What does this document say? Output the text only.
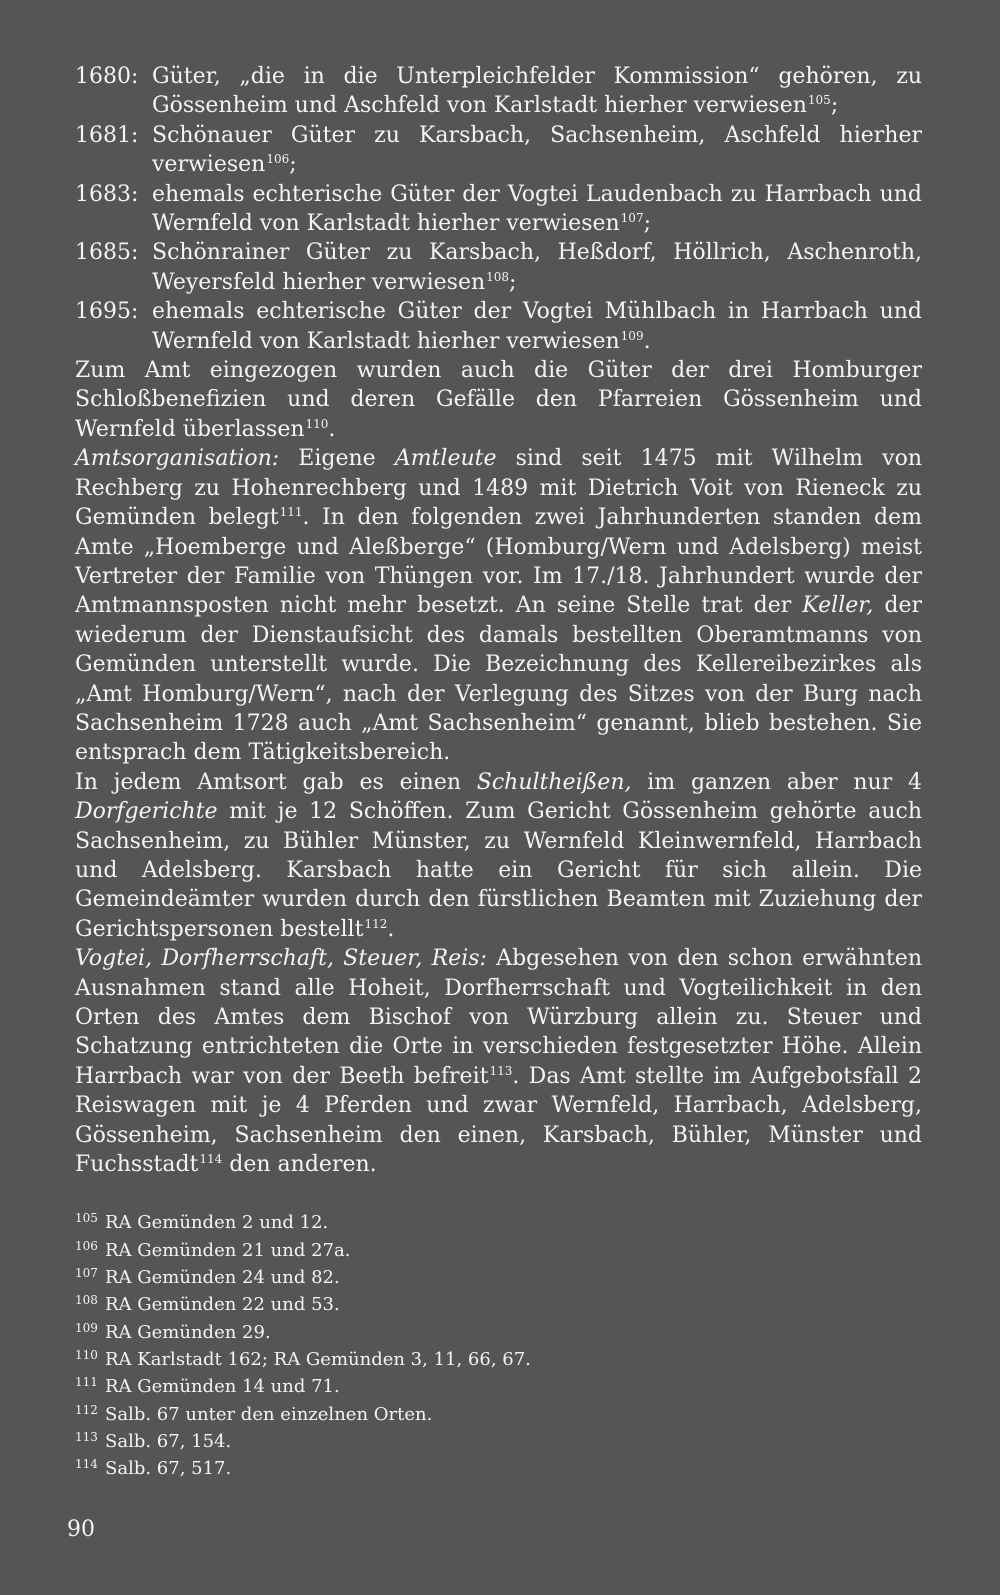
1680: Güter, „die in die Unterpleichfelder Kommission“ gehören, zu Gössenheim und Aschfeld von Karlstadt hierher verwiesen$^{105}$;
1681: Schönauer Güter zu Karsbach, Sachsenheim, Aschfeld hierher verwiesen$^{106}$;
1683: ehemals echterische Güter der Vogtei Laudenbach zu Harrbach und Wernfeld von Karlstadt hierher verwiesen$^{107}$;
1685: Schönrainer Güter zu Karsbach, Heßdorf, Höllrich, Aschenroth, Weyersfeld hierher verwiesen$^{108}$;
1695: ehemals echterische Güter der Vogtei Mühlbach in Harrbach und Wernfeld von Karlstadt hierher verwiesen$^{109}$.

Zum Amt eingezogen wurden auch die Güter der drei Homburger Schloßbenefizien und deren Gefälle den Pfarreien Gössenheim und Wernfeld überlassen$^{110}$.

Amtsorganisation: Eigene Amtleute sind seit 1475 mit Wilhelm von Rechberg zu Hohenrechberg und 1489 mit Dietrich Voit von Rieneck zu Gemünden belegt$^{111}$. In den folgenden zwei Jahrhunderten standen dem Amte „Hoemberge und Aleßberge“ (Homburg/Wern und Adelsberg) meist Vertreter der Familie von Thüngen vor. Im 17./18. Jahrhundert wurde der Amtmannsposten nicht mehr besetzt. An seine Stelle trat der Keller, der wiederum der Dienstaufsicht des damals bestellten Oberamtmanns von Gemünden unterstellt wurde. Die Bezeichnung des Kellereibezirkes als „Amt Homburg/Wern“, nach der Verlegung des Sitzes von der Burg nach Sachsenheim 1728 auch „Amt Sachsenheim“ genannt, blieb bestehen. Sie entsprach dem Tätigkeitsbereich.

In jedem Amtsort gab es einen Schultheißen, im ganzen aber nur 4 Dorfgerichte mit je 12 Schöffen. Zum Gericht Gössenheim gehörte auch Sachsenheim, zu Bühler Münster, zu Wernfeld Kleinwernfeld, Harrbach und Adelsberg. Karsbach hatte ein Gericht für sich allein. Die Gemeindeämter wurden durch den fürstlichen Beamten mit Zuziehung der Gerichtspersonen bestellt$^{112}$.

Vogtei, Dorfherrschaft, Steuer, Reis: Abgesehen von den schon erwähnten Ausnahmen stand alle Hoheit, Dorfherrschaft und Vogteilichkeit in den Orten des Amtes dem Bischof von Würzburg allein zu. Steuer und Schatzung entrichteten die Orte in verschieden festgesetzter Höhe. Allein Harrbach war von der Beeth befreit$^{113}$. Das Amt stellte im Aufgebotsfall 2 Reiswagen mit je 4 Pferden und zwar Wernfeld, Harrbach, Adelsberg, Gössenheim, Sachsenheim den einen, Karsbach, Bühler, Münster und Fuchsstadt$^{114}$ den anderen.

105 RA Gemünden 2 und 12.
106 RA Gemünden 21 und 27a.
107 RA Gemünden 24 und 82.
108 RA Gemünden 22 und 53.
109 RA Gemünden 29.
110 RA Karlstadt 162; RA Gemünden 3, 11, 66, 67.
111 RA Gemünden 14 und 71.
112 Salb. 67 unter den einzelnen Orten.
113 Salb. 67, 154.
114 Salb. 67, 517.
90
